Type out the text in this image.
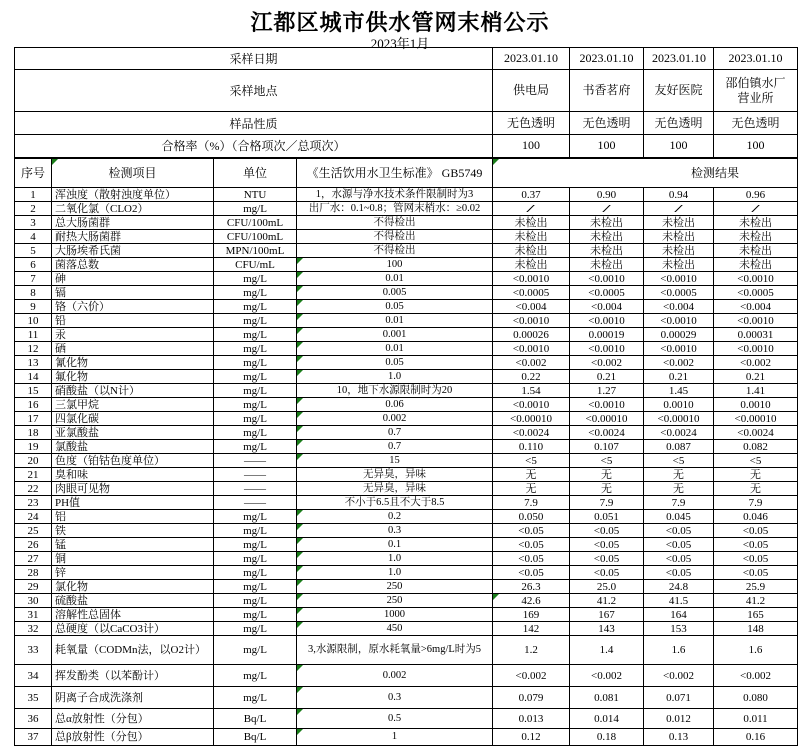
江都区城市供水管网末梢公示
2023年1月
采样日期				2023.01.10	2023.01.10	2023.01.10	2023.01.10
采样地点				供电局	书香茗府	友好医院	邵伯镇水厂营业所
样品性质				无色透明	无色透明	无色透明	无色透明
合格率（%）（合格项次／总项次）				100	100	100	100
序号	检测项目	单位	《生活饮用水卫生标准》 GB5749	检测结果			

1	浑浊度（散射浊度单位）	NTU	1，水源与净水技术条件限制时为3	0.37	0.90	0.94	0.96
2	二氧化氯（CLO2）	mg/L	出厂水：0.1~0.8；管网末梢水：≥0.02	/	/	/	/
3	总大肠菌群	CFU/100mL	不得检出	未检出	未检出	未检出	未检出
4	耐热大肠菌群	CFU/100mL	不得检出	未检出	未检出	未检出	未检出
5	大肠埃希氏菌	MPN/100mL	不得检出	未检出	未检出	未检出	未检出
6	菌落总数	CFU/mL	100	未检出	未检出	未检出	未检出
7	砷	mg/L	0.01	<0.0010	<0.0010	<0.0010	<0.0010
8	镉	mg/L	0.005	<0.0005	<0.0005	<0.0005	<0.0005
9	铬（六价）	mg/L	0.05	<0.004	<0.004	<0.004	<0.004
10	铅	mg/L	0.01	<0.0010	<0.0010	<0.0010	<0.0010
11	汞	mg/L	0.001	0.00026	0.00019	0.00029	0.00031
12	硒	mg/L	0.01	<0.0010	<0.0010	<0.0010	<0.0010
13	氰化物	mg/L	0.05	<0.002	<0.002	<0.002	<0.002
14	氟化物	mg/L	1.0	0.22	0.21	0.21	0.21
15	硝酸盐（以N计）	mg/L	10，地下水源限制时为20	1.54	1.27	1.45	1.41
16	三氯甲烷	mg/L	0.06	<0.0010	<0.0010	0.0010	0.0010
17	四氯化碳	mg/L	0.002	<0.00010	<0.00010	<0.00010	<0.00010
18	亚氯酸盐	mg/L	0.7	<0.0024	<0.0024	<0.0024	<0.0024
19	氯酸盐	mg/L	0.7	0.110	0.107	0.087	0.082
20	色度（铂钴色度单位）	——	15	<5	<5	<5	<5
21	臭和味	——	无异臭，异味	无	无	无	无
22	肉眼可见物	——	无异臭，异味	无	无	无	无
23	PH值	——	不小于6.5且不大于8.5	7.9	7.9	7.9	7.9
24	铝	mg/L	0.2	0.050	0.051	0.045	0.046
25	铁	mg/L	0.3	<0.05	<0.05	<0.05	<0.05
26	锰	mg/L	0.1	<0.05	<0.05	<0.05	<0.05
27	铜	mg/L	1.0	<0.05	<0.05	<0.05	<0.05
28	锌	mg/L	1.0	<0.05	<0.05	<0.05	<0.05
29	氯化物	mg/L	250	26.3	25.0	24.8	25.9
30	硫酸盐	mg/L	250	42.6	41.2	41.5	41.2
31	溶解性总固体	mg/L	1000	169	167	164	165
32	总硬度（以CaCO3计）	mg/L	450	142	143	153	148
33	耗氧量（CODMn法，以O2计）	mg/L	3,水源限制，原水耗氧量>6mg/L时为5	1.2	1.4	1.6	1.6
34	挥发酚类（以苯酚计）	mg/L	0.002	<0.002	<0.002	<0.002	<0.002
35	阴离子合成洗涤剂	mg/L	0.3	0.079	0.081	0.071	0.080
36	总α放射性（分包）	Bq/L	0.5	0.013	0.014	0.012	0.011
37	总β放射性（分包）	Bq/L	1	0.12	0.18	0.13	0.16
